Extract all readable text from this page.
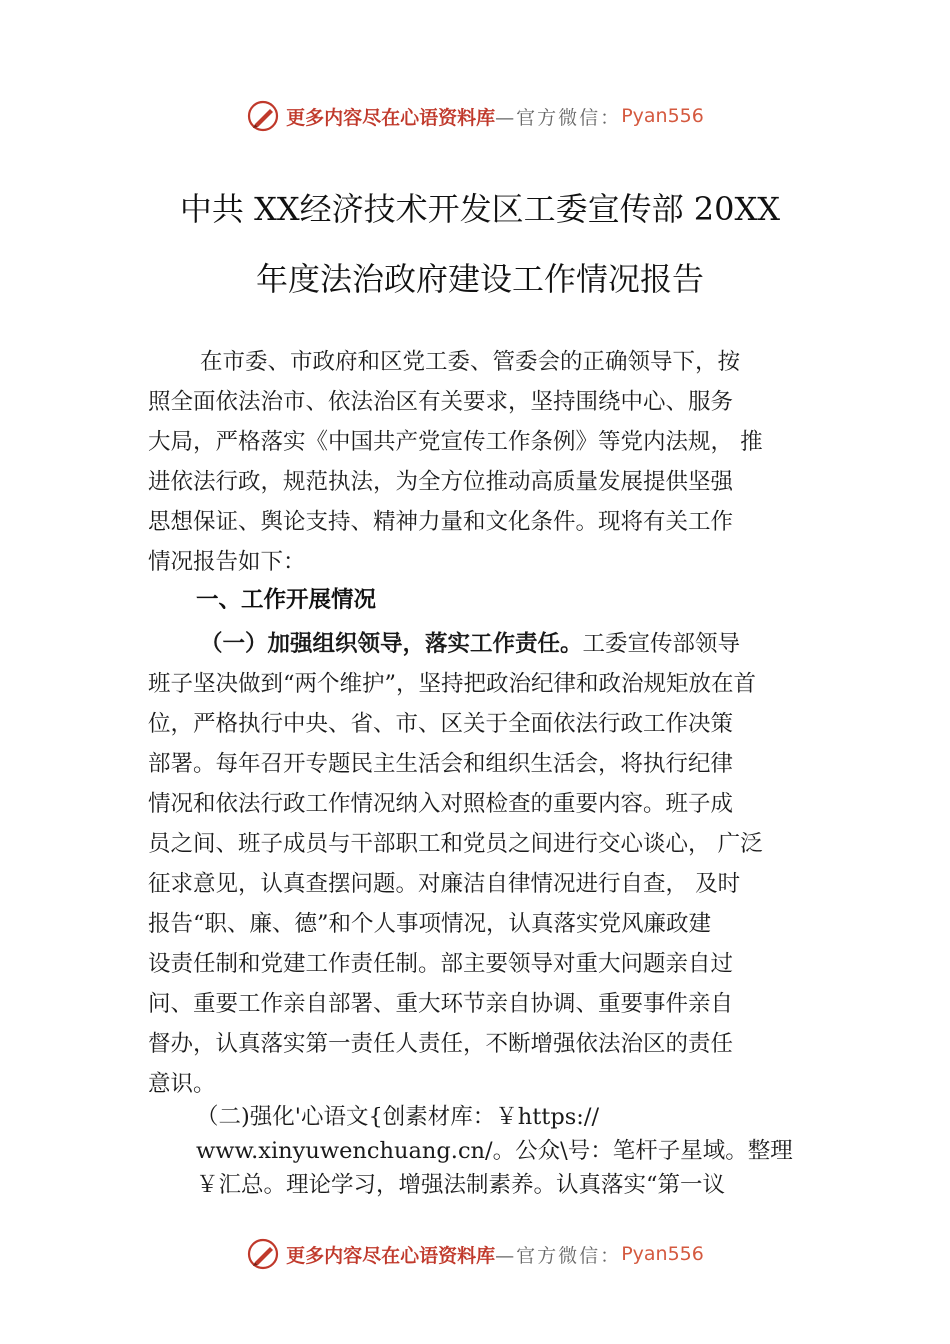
更多内容尽在心语资料库 —官方微信： Pyan556
中共 XX经济技术开发区工委宣传部 20XX
年度法治政府建设工作情况报告
在市委、市政府和区党工委、管委会的正确领导下，按
照全面依法治市、依法治区有关要求，坚持围绕中心、服务
大局，严格落实《中国共产党宣传工作条例》等党内法规， 推
进依法行政，规范执法，为全方位推动高质量发展提供坚强
思想保证、舆论支持、精神力量和文化条件。现将有关工作
情况报告如下：
一、工作开展情况
（一）加强组织领导，落实工作责任。工委宣传部领导
班子坚决做到“两个维护”，坚持把政治纪律和政治规矩放在首
位，严格执行中央、省、市、区关于全面依法行政工作决策
部署。每年召开专题民主生活会和组织生活会，将执行纪律
情况和依法行政工作情况纳入对照检查的重要内容。班子成
员之间、班子成员与干部职工和党员之间进行交心谈心， 广泛
征求意见，认真查摆问题。对廉洁自律情况进行自查， 及时
报告“职、廉、德”和个人事项情况，认真落实党风廉政建
设责任制和党建工作责任制。部主要领导对重大问题亲自过
问、重要工作亲自部署、重大环节亲自协调、重要事件亲自
督办，认真落实第一责任人责任，不断增强依法治区的责任
意识。
（二)强化'心语文{创素材库：￥https://
www.xinyuwenchuang.cn/。公众\号：笔杆子星域。整理
￥汇总。理论学习，增强法制素养。认真落实“第一议
更多内容尽在心语资料库 —官方微信： Pyan556
